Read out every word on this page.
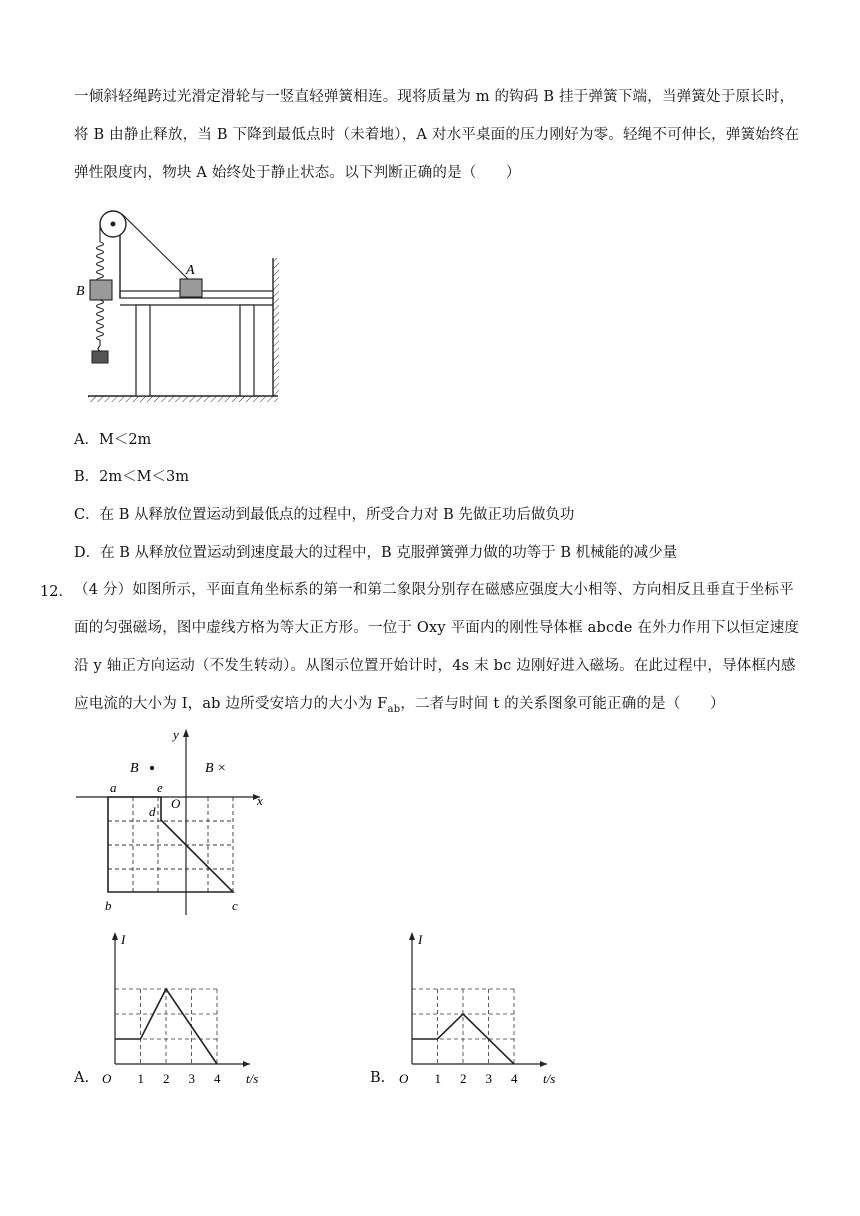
一倾斜轻绳跨过光滑定滑轮与一竖直轻弹簧相连。现将质量为 m 的钩码 B 挂于弹簧下端，当弹簧处于原长时，
将 B 由静止释放，当 B 下降到最低点时（未着地），A 对水平桌面的压力刚好为零。轻绳不可伸长，弹簧始终在
弹性限度内，物块 A 始终处于静止状态。以下判断正确的是（　　）
B
A
A．M＜2m
B．2m＜M＜3m
C．在 B 从释放位置运动到最低点的过程中，所受合力对 B 先做正功后做负功
D．在 B 从释放位置运动到速度最大的过程中，B 克服弹簧弹力做的功等于 B 机械能的减少量
12． （4 分）如图所示，平面直角坐标系的第一和第二象限分别存在磁感应强度大小相等、方向相反且垂直于坐标平
面的匀强磁场，图中虚线方格为等大正方形。一位于 Oxy 平面内的刚性导体框 abcde 在外力作用下以恒定速度
沿 y 轴正方向运动（不发生转动）。从图示位置开始计时，4s 末 bc 边刚好进入磁场。在此过程中，导体框内感
应电流的大小为 I，ab 边所受安培力的大小为 $F_{ab}$，二者与时间 t 的关系图象可能正确的是（　　）
x
y
O
B	B ×
a	e
d
b	c
A.
I
t/s
O 1 2 3 4	B.
I
t/s
O 1 2 3 4
